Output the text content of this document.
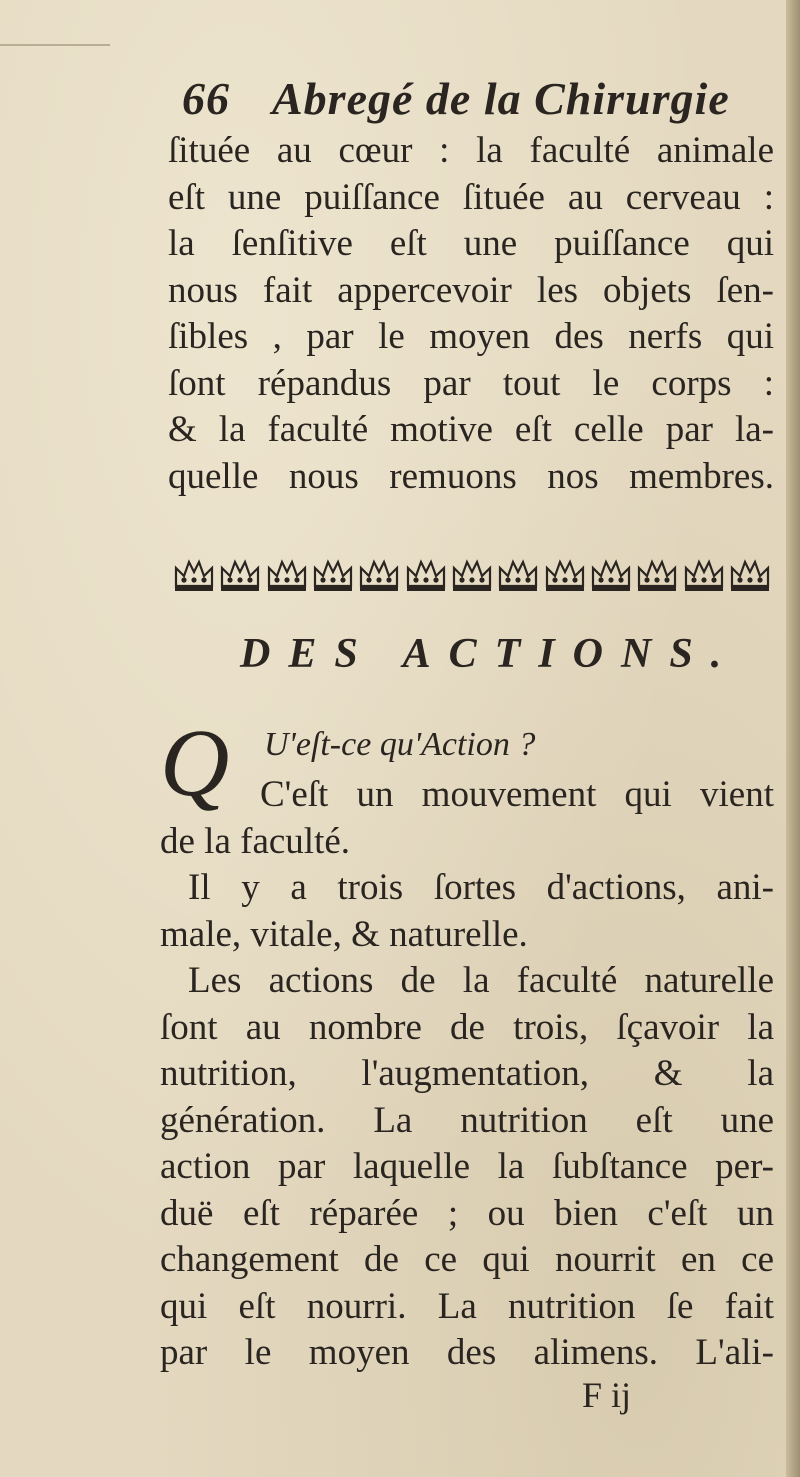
66 Abregé de la Chirurgie
ſituée au cœur : la faculté animale
eſt une puiſſance ſituée au cerveau :
la ſenſitive eſt une puiſſance qui
nous fait appercevoir les objets ſen-
ſibles , par le moyen des nerfs qui
ſont répandus par tout le corps :
& la faculté motive eſt celle par la-
quelle nous remuons nos membres.
DES ACTIONS.
Q	U'eſt-ce qu'Action ?
C'eſt un mouvement qui vient
de la faculté.
Il y a trois ſortes d'actions, ani-
male, vitale, & naturelle.
Les actions de la faculté naturelle
ſont au nombre de trois, ſçavoir la
nutrition, l'augmentation, & la
génération. La nutrition eſt une
action par laquelle la ſubſtance per-
duë eſt réparée ; ou bien c'eſt un
changement de ce qui nourrit en ce
qui eſt nourri. La nutrition ſe fait
par le moyen des alimens. L'ali-
F ij
